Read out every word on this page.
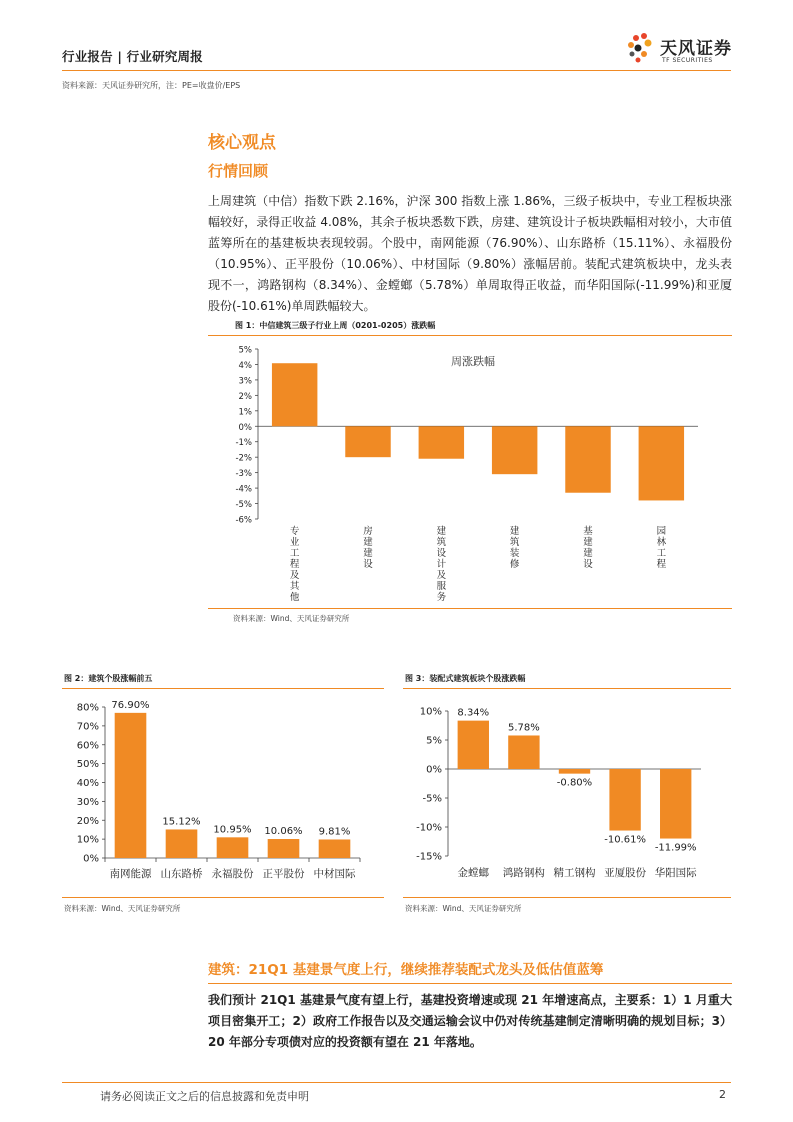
行业报告 | 行业研究周报	天风证券
TF SECURITIES
资料来源：天风证券研究所，注：PE=收盘价/EPS
核心观点
行情回顾
上周建筑（中信）指数下跌 2.16%，沪深 300 指数上涨 1.86%，三级子板块中，专业工程板块涨幅较好，录得正收益 4.08%，其余子板块悉数下跌，房建、建筑设计子板块跌幅相对较小，大市值蓝筹所在的基建板块表现较弱。个股中，南网能源（76.90%）、山东路桥（15.11%）、永福股份（10.95%）、正平股份（10.06%）、中材国际（9.80%）涨幅居前。装配式建筑板块中，龙头表现不一，鸿路钢构（8.34%）、金螳螂（5.78%）单周取得正收益，而华阳国际(-11.99%)和亚厦股份(-10.61%)单周跌幅较大。
图 1：中信建筑三级子行业上周（0201-0205）涨跌幅
5%
4%
3%
2%
1%
0%
-1%
-2%
-3%
-4%
-5%
-6%
专
业
工
程
及
其
他
房
建
建
设
建
筑
设
计
及
服
务
建
筑
装
修
基
建
建
设
园
林
工
程
周涨跌幅
资料来源：Wind、天风证券研究所
图 2：建筑个股涨幅前五
0%
10%
20%
30%
40%
50%
60%
70%
80% 76.90%
南网能源
15.12%
山东路桥
10.95%
永福股份
10.06%
正平股份
9.81%
中材国际
资料来源：Wind、天风证券研究所
图 3：装配式建筑板块个股涨跌幅
10%
5%
0%
-5%
-10%
-15%
8.34%
金螳螂
5.78%
鸿路钢构
-0.80%
精工钢构
-10.61%
亚厦股份
-11.99%
华阳国际
资料来源：Wind、天风证券研究所
建筑：21Q1 基建景气度上行，继续推荐装配式龙头及低估值蓝筹
我们预计 21Q1 基建景气度有望上行，基建投资增速或现 21 年增速高点，主要系：1）1 月重大项目密集开工；2）政府工作报告以及交通运输会议中仍对传统基建制定清晰明确的规划目标；3）20 年部分专项债对应的投资额有望在 21 年落地。
请务必阅读正文之后的信息披露和免责申明	2
